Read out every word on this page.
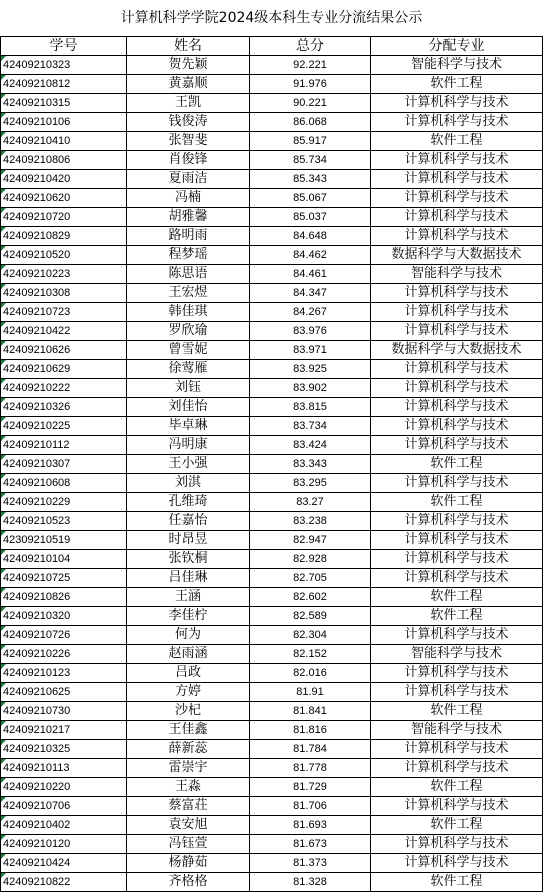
计算机科学学院2024级本科生专业分流结果公示
学号	姓名	总分	分配专业

42409210323	贺先颖	92.221	智能科学与技术

42409210812	黄嘉顺	91.976	软件工程

42409210315	王凯	90.221	计算机科学与技术

42409210106	钱俊涛	86.068	计算机科学与技术

42409210410	张智斐	85.917	软件工程

42409210806	肖俊锋	85.734	计算机科学与技术

42409210420	夏雨洁	85.343	计算机科学与技术

42409210620	冯楠	85.067	计算机科学与技术

42409210720	胡雅馨	85.037	计算机科学与技术

42409210829	路明雨	84.648	计算机科学与技术

42409210520	程梦瑶	84.462	数据科学与大数据技术

42409210223	陈思语	84.461	智能科学与技术

42409210308	王宏煜	84.347	计算机科学与技术

42409210723	韩佳琪	84.267	计算机科学与技术

42409210422	罗欣瑜	83.976	计算机科学与技术

42409210626	曾雪妮	83.971	数据科学与大数据技术

42409210629	徐莺雁	83.925	计算机科学与技术

42409210222	刘钰	83.902	计算机科学与技术

42409210326	刘佳怡	83.815	计算机科学与技术

42409210225	毕卓琳	83.734	计算机科学与技术

42409210112	冯明康	83.424	计算机科学与技术

42409210307	王小强	83.343	软件工程

42409210608	刘淇	83.295	计算机科学与技术

42409210229	孔维琦	83.27	软件工程

42409210523	任嘉怡	83.238	计算机科学与技术

42309210519	时昂昱	82.947	计算机科学与技术

42409210104	张钦桐	82.928	计算机科学与技术

42409210725	吕佳琳	82.705	计算机科学与技术

42409210826	王涵	82.602	软件工程

42409210320	李佳柠	82.589	软件工程

42409210726	何为	82.304	计算机科学与技术

42409210226	赵雨涵	82.152	智能科学与技术

42409210123	吕政	82.016	计算机科学与技术

42409210625	方婷	81.91	计算机科学与技术

42409210730	沙杞	81.841	软件工程

42409210217	王佳鑫	81.816	智能科学与技术

42409210325	薛新蕊	81.784	计算机科学与技术

42409210113	雷崇宇	81.778	计算机科学与技术

42409210220	王淼	81.729	软件工程

42409210706	蔡富荘	81.706	计算机科学与技术

42409210402	袁安旭	81.693	软件工程

42409210120	冯钰萱	81.673	计算机科学与技术

42409210424	杨静茹	81.373	计算机科学与技术

42409210822	齐格格	81.328	软件工程
